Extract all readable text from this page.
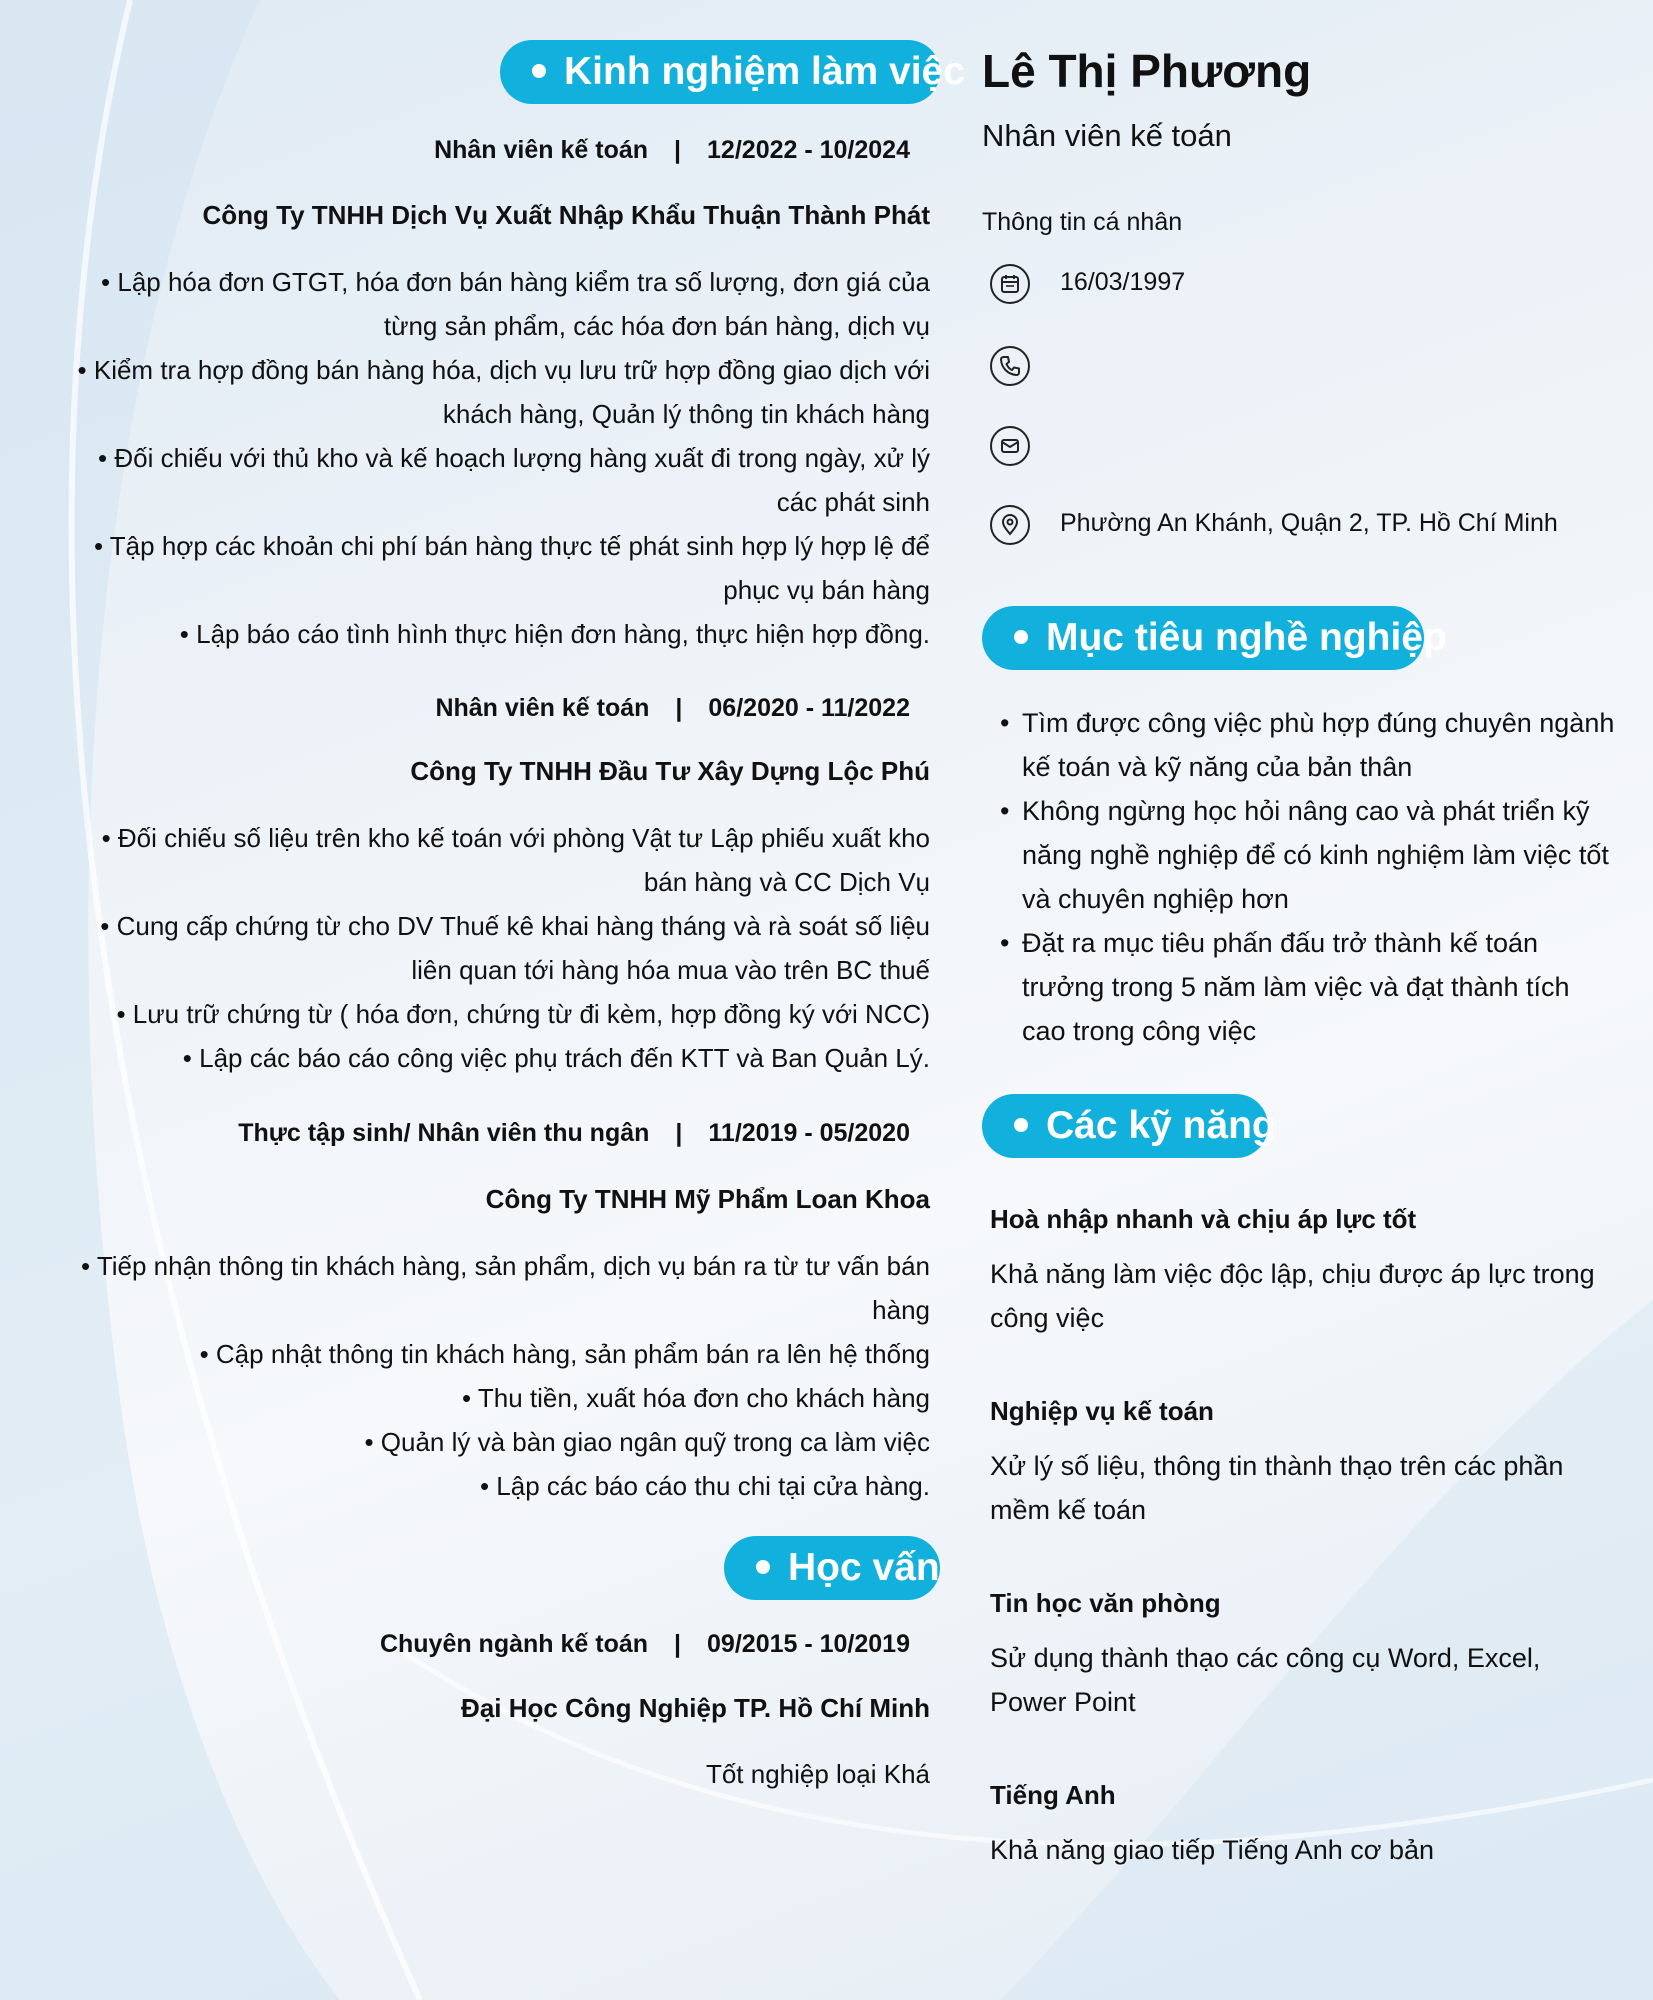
Kinh nghiệm làm việc
Nhân viên kế toán | 12/2022 - 10/2024
Công Ty TNHH Dịch Vụ Xuất Nhập Khẩu Thuận Thành Phát
• Lập hóa đơn GTGT, hóa đơn bán hàng kiểm tra số lượng, đơn giá của
từng sản phẩm, các hóa đơn bán hàng, dịch vụ
• Kiểm tra hợp đồng bán hàng hóa, dịch vụ lưu trữ hợp đồng giao dịch với
khách hàng, Quản lý thông tin khách hàng
• Đối chiếu với thủ kho và kế hoạch lượng hàng xuất đi trong ngày, xử lý
các phát sinh
• Tập hợp các khoản chi phí bán hàng thực tế phát sinh hợp lý hợp lệ để
phục vụ bán hàng
• Lập báo cáo tình hình thực hiện đơn hàng, thực hiện hợp đồng.
Nhân viên kế toán | 06/2020 - 11/2022
Công Ty TNHH Đầu Tư Xây Dựng Lộc Phú
• Đối chiếu số liệu trên kho kế toán với phòng Vật tư Lập phiếu xuất kho
bán hàng và CC Dịch Vụ
• Cung cấp chứng từ cho DV Thuế kê khai hàng tháng và rà soát số liệu
liên quan tới hàng hóa mua vào trên BC thuế
• Lưu trữ chứng từ ( hóa đơn, chứng từ đi kèm, hợp đồng ký với NCC)
• Lập các báo cáo công việc phụ trách đến KTT và Ban Quản Lý.
Thực tập sinh/ Nhân viên thu ngân | 11/2019 - 05/2020
Công Ty TNHH Mỹ Phẩm Loan Khoa
• Tiếp nhận thông tin khách hàng, sản phẩm, dịch vụ bán ra từ tư vấn bán
hàng
• Cập nhật thông tin khách hàng, sản phẩm bán ra lên hệ thống
• Thu tiền, xuất hóa đơn cho khách hàng
• Quản lý và bàn giao ngân quỹ trong ca làm việc
• Lập các báo cáo thu chi tại cửa hàng.
Học vấn
Chuyên ngành kế toán | 09/2015 - 10/2019
Đại Học Công Nghiệp TP. Hồ Chí Minh
Tốt nghiệp loại Khá
Lê Thị Phương
Nhân viên kế toán
Thông tin cá nhân
16/03/1997
Phường An Khánh, Quận 2, TP. Hồ Chí Minh
Mục tiêu nghề nghiệp
• Tìm được công việc phù hợp đúng chuyên ngành kế toán và kỹ năng của bản thân
• Không ngừng học hỏi nâng cao và phát triển kỹ năng nghề nghiệp để có kinh nghiệm làm việc tốt và chuyên nghiệp hơn
• Đặt ra mục tiêu phấn đấu trở thành kế toán trưởng trong 5 năm làm việc và đạt thành tích cao trong công việc
Các kỹ năng
Hoà nhập nhanh và chịu áp lực tốt
Khả năng làm việc độc lập, chịu được áp lực trong công việc
Nghiệp vụ kế toán
Xử lý số liệu, thông tin thành thạo trên các phần mềm kế toán
Tin học văn phòng
Sử dụng thành thạo các công cụ Word, Excel, Power Point
Tiếng Anh
Khả năng giao tiếp Tiếng Anh cơ bản
